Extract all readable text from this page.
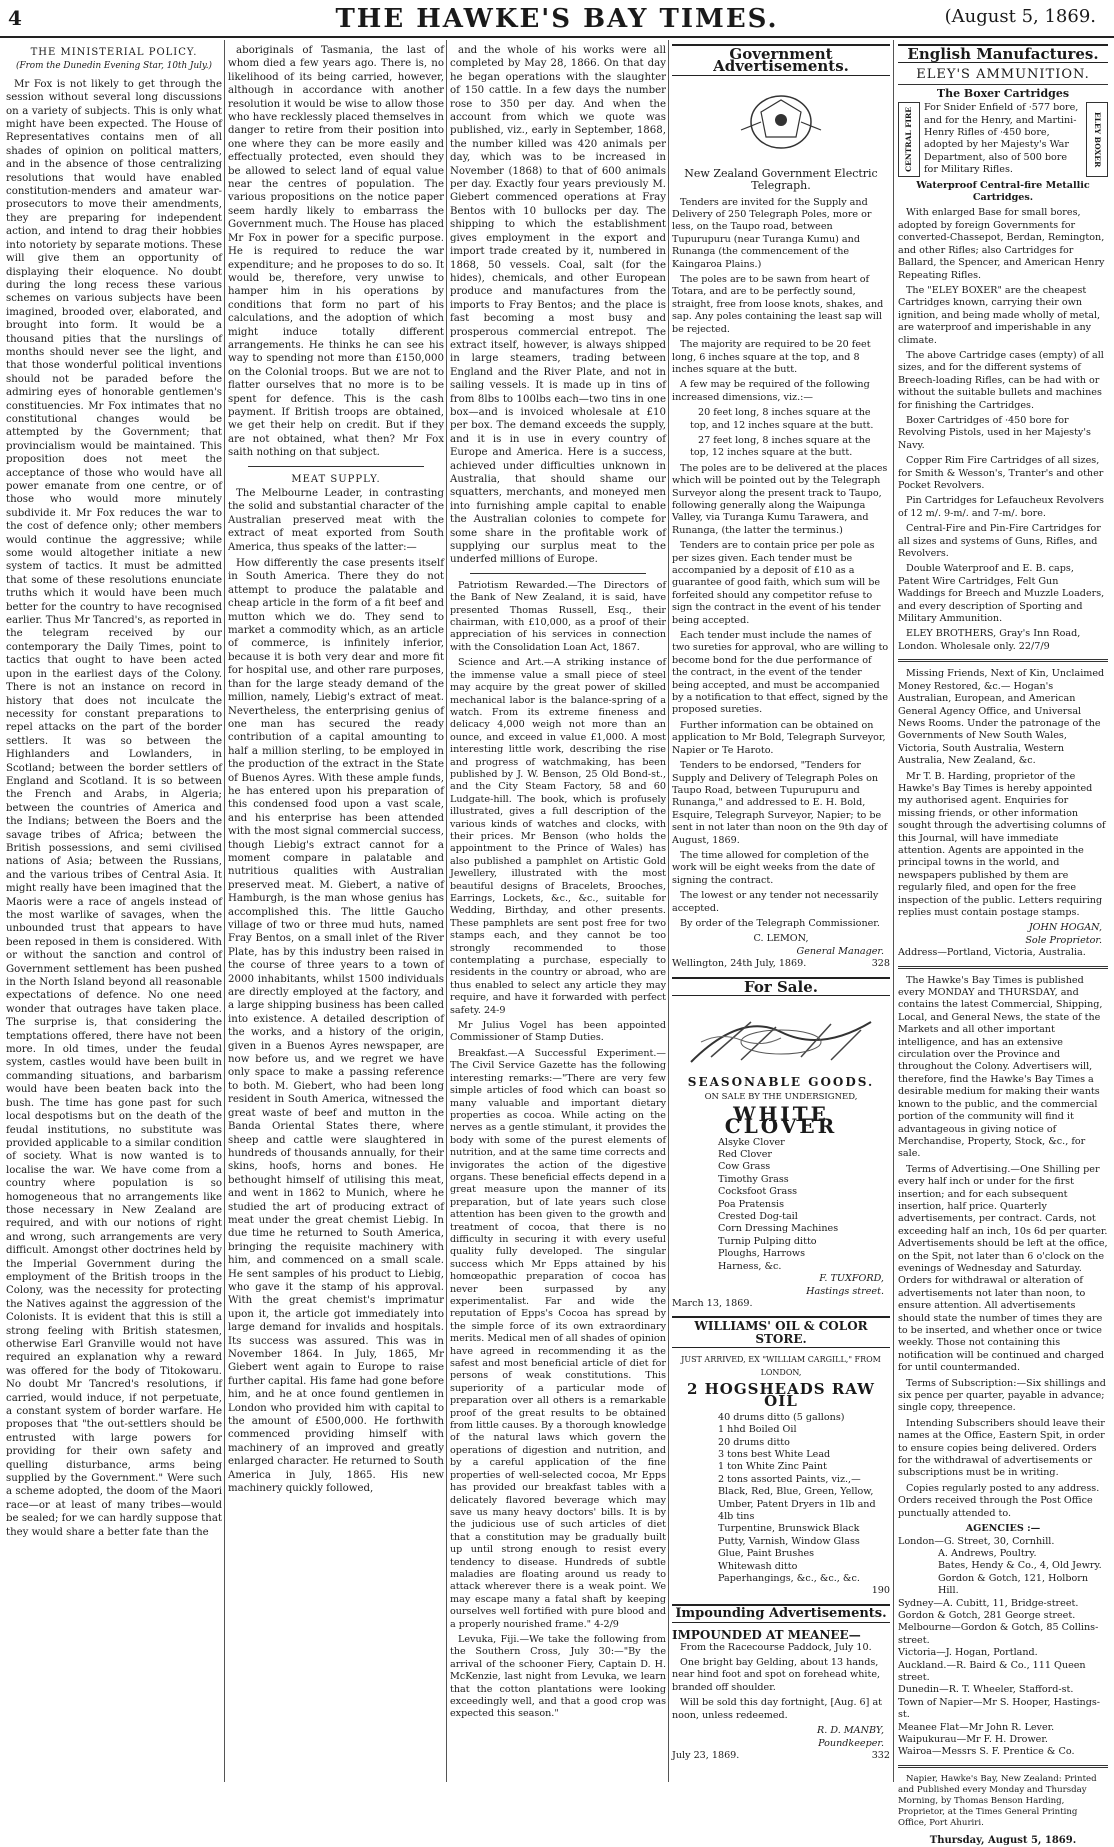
4	THE HAWKE'S BAY TIMES.	(August 5, 1869.
THE MINISTERIAL POLICY.
(From the Dunedin Evening Star, 10th July.)

Mr Fox is not likely to get through the session without several long discussions on a variety of subjects. This is only what might have been expected. The House of Representatives contains men of all shades of opinion on political matters, and in the absence of those centralizing resolutions that would have enabled constitution-menders and amateur war-prosecutors to move their amendments, they are preparing for independent action, and intend to drag their hobbies into notoriety by separate motions. These will give them an opportunity of displaying their eloquence. No doubt during the long recess these various schemes on various subjects have been imagined, brooded over, elaborated, and brought into form. It would be a thousand pities that the nurslings of months should never see the light, and that those wonderful political inventions should not be paraded before the admiring eyes of honorable gentlemen's constituencies. Mr Fox intimates that no constitutional changes would be attempted by the Government; that provincialism would be maintained. This proposition does not meet the acceptance of those who would have all power emanate from one centre, or of those who would more minutely subdivide it. Mr Fox reduces the war to the cost of defence only; other members would continue the aggressive; while some would altogether initiate a new system of tactics. It must be admitted that some of these resolutions enunciate truths which it would have been much better for the country to have recognised earlier. Thus Mr Tancred's, as reported in the telegram received by our contemporary the Daily Times, point to tactics that ought to have been acted upon in the earliest days of the Colony. There is not an instance on record in history that does not inculcate the necessity for constant preparations to repel attacks on the part of the border settlers. It was so between the Highlanders and Lowlanders, in Scotland; between the border settlers of England and Scotland. It is so between the French and Arabs, in Algeria; between the countries of America and the Indians; between the Boers and the savage tribes of Africa; between the British possessions, and semi civilised nations of Asia; between the Russians, and the various tribes of Central Asia. It might really have been imagined that the Maoris were a race of angels instead of the most warlike of savages, when the unbounded trust that appears to have been reposed in them is considered. With or without the sanction and control of Government settlement has been pushed in the North Island beyond all reasonable expectations of defence. No one need wonder that outrages have taken place. The surprise is, that considering the temptations offered, there have not been more. In old times, under the feudal system, castles would have been built in commanding situations, and barbarism would have been beaten back into the bush. The time has gone past for such local despotisms but on the death of the feudal institutions, no substitute was provided applicable to a similar condition of society. What is now wanted is to localise the war. We have come from a country where population is so homogeneous that no arrangements like those necessary in New Zealand are required, and with our notions of right and wrong, such arrangements are very difficult. Amongst other doctrines held by the Imperial Government during the employment of the British troops in the Colony, was the necessity for protecting the Natives against the aggression of the Colonists. It is evident that this is still a strong feeling with British statesmen, otherwise Earl Granville would not have required an explanation why a reward was offered for the body of Titokowaru. No doubt Mr Tancred's resolutions, if carried, would induce, if not perpetuate, a constant system of border warfare. He proposes that "the out-settlers should be entrusted with large powers for providing for their own safety and quelling disturbance, arms being supplied by the Government." Were such a scheme adopted, the doom of the Maori race—or at least of many tribes—would be sealed; for we can hardly suppose that they would share a better fate than the

aboriginals of Tasmania, the last of whom died a few years ago. There is, no likelihood of its being carried, however, although in accordance with another resolution it would be wise to allow those who have recklessly placed themselves in danger to retire from their position into one where they can be more easily and effectually protected, even should they be allowed to select land of equal value near the centres of population. The various propositions on the notice paper seem hardly likely to embarrass the Government much. The House has placed Mr Fox in power for a specific purpose. He is required to reduce the war expenditure; and he proposes to do so. It would be, therefore, very unwise to hamper him in his operations by conditions that form no part of his calculations, and the adoption of which might induce totally different arrangements. He thinks he can see his way to spending not more than £150,000 on the Colonial troops. But we are not to flatter ourselves that no more is to be spent for defence. This is the cash payment. If British troops are obtained, we get their help on credit. But if they are not obtained, what then? Mr Fox saith nothing on that subject.

MEAT SUPPLY.

The Melbourne Leader, in contrasting the solid and substantial character of the Australian preserved meat with the extract of meat exported from South America, thus speaks of the latter:—

How differently the case presents itself in South America. There they do not attempt to produce the palatable and cheap article in the form of a fit beef and mutton which we do. They send to market a commodity which, as an article of commerce, is infinitely inferior, because it is both very dear and more fit for hospital use, and other rare purposes, than for the large steady demand of the million, namely, Liebig's extract of meat. Nevertheless, the enterprising genius of one man has secured the ready contribution of a capital amounting to half a million sterling, to be employed in the production of the extract in the State of Buenos Ayres. With these ample funds, he has entered upon his preparation of this condensed food upon a vast scale, and his enterprise has been attended with the most signal commercial success, though Liebig's extract cannot for a moment compare in palatable and nutritious qualities with Australian preserved meat. M. Giebert, a native of Hamburgh, is the man whose genius has accomplished this. The little Gaucho village of two or three mud huts, named Fray Bentos, on a small inlet of the River Plate, has by this industry been raised in the course of three years to a town of 2000 inhabitants, whilst 1500 individuals are directly employed at the factory, and a large shipping business has been called into existence. A detailed description of the works, and a history of the origin, given in a Buenos Ayres newspaper, are now before us, and we regret we have only space to make a passing reference to both. M. Giebert, who had been long resident in South America, witnessed the great waste of beef and mutton in the Banda Oriental States there, where sheep and cattle were slaughtered in hundreds of thousands annually, for their skins, hoofs, horns and bones. He bethought himself of utilising this meat, and went in 1862 to Munich, where he studied the art of producing extract of meat under the great chemist Liebig. In due time he returned to South America, bringing the requisite machinery with him, and commenced on a small scale. He sent samples of his product to Liebig, who gave it the stamp of his approval. With the great chemist's imprimatur upon it, the article got immediately into large demand for invalids and hospitals. Its success was assured. This was in November 1864. In July, 1865, Mr Giebert went again to Europe to raise further capital. His fame had gone before him, and he at once found gentlemen in London who provided him with capital to the amount of £500,000. He forthwith commenced providing himself with machinery of an improved and greatly enlarged character. He returned to South America in July, 1865. His new machinery quickly followed,

and the whole of his works were all completed by May 28, 1866. On that day he began operations with the slaughter of 150 cattle. In a few days the number rose to 350 per day. And when the account from which we quote was published, viz., early in September, 1868, the number killed was 420 animals per day, which was to be increased in November (1868) to that of 600 animals per day. Exactly four years previously M. Giebert commenced operations at Fray Bentos with 10 bullocks per day. The shipping to which the establishment gives employment in the export and import trade created by it, numbered in 1868, 50 vessels. Coal, salt (for the hides), chemicals, and other European produce and manufactures from the imports to Fray Bentos; and the place is fast becoming a most busy and prosperous commercial entrepot. The extract itself, however, is always shipped in large steamers, trading between England and the River Plate, and not in sailing vessels. It is made up in tins of from 8lbs to 100lbs each—two tins in one box—and is invoiced wholesale at £10 per box. The demand exceeds the supply, and it is in use in every country of Europe and America. Here is a success, achieved under difficulties unknown in Australia, that should shame our squatters, merchants, and moneyed men into furnishing ample capital to enable the Australian colonies to compete for some share in the profitable work of supplying our surplus meat to the underfed millions of Europe.

Patriotism Rewarded.—The Directors of the Bank of New Zealand, it is said, have presented Thomas Russell, Esq., their chairman, with £10,000, as a proof of their appreciation of his services in connection with the Consolidation Loan Act, 1867.

Science and Art.—A striking instance of the immense value a small piece of steel may acquire by the great power of skilled mechanical labor is the balance-spring of a watch. From its extreme fineness and delicacy 4,000 weigh not more than an ounce, and exceed in value £1,000. A most interesting little work, describing the rise and progress of watchmaking, has been published by J. W. Benson, 25 Old Bond-st., and the City Steam Factory, 58 and 60 Ludgate-hill. The book, which is profusely illustrated, gives a full description of the various kinds of watches and clocks, with their prices. Mr Benson (who holds the appointment to the Prince of Wales) has also published a pamphlet on Artistic Gold Jewellery, illustrated with the most beautiful designs of Bracelets, Brooches, Earrings, Lockets, &c., &c., suitable for Wedding, Birthday, and other presents. These pamphlets are sent post free for two stamps each, and they cannot be too strongly recommended to those contemplating a purchase, especially to residents in the country or abroad, who are thus enabled to select any article they may require, and have it forwarded with perfect safety. 24-9

Mr Julius Vogel has been appointed Commissioner of Stamp Duties.

Breakfast.—A Successful Experiment.—The Civil Service Gazette has the following interesting remarks:—"There are very few simple articles of food which can boast so many valuable and important dietary properties as cocoa. While acting on the nerves as a gentle stimulant, it provides the body with some of the purest elements of nutrition, and at the same time corrects and invigorates the action of the digestive organs. These beneficial effects depend in a great measure upon the manner of its preparation, but of late years such close attention has been given to the growth and treatment of cocoa, that there is no difficulty in securing it with every useful quality fully developed. The singular success which Mr Epps attained by his homœopathic preparation of cocoa has never been surpassed by any experimentalist. Far and wide the reputation of Epps's Cocoa has spread by the simple force of its own extraordinary merits. Medical men of all shades of opinion have agreed in recommending it as the safest and most beneficial article of diet for persons of weak constitutions. This superiority of a particular mode of preparation over all others is a remarkable proof of the great results to be obtained from little causes. By a thorough knowledge of the natural laws which govern the operations of digestion and nutrition, and by a careful application of the fine properties of well-selected cocoa, Mr Epps has provided our breakfast tables with a delicately flavored beverage which may save us many heavy doctors' bills. It is by the judicious use of such articles of diet that a constitution may be gradually built up until strong enough to resist every tendency to disease. Hundreds of subtle maladies are floating around us ready to attack wherever there is a weak point. We may escape many a fatal shaft by keeping ourselves well fortified with pure blood and a properly nourished frame." 4-2/9

Levuka, Fiji.—We take the following from the Southern Cross, July 30:—"By the arrival of the schooner Fiery, Captain D. H. McKenzie, last night from Levuka, we learn that the cotton plantations were looking exceedingly well, and that a good crop was expected this season."

Government Advertisements.
New Zealand Government Electric Telegraph.

Tenders are invited for the Supply and Delivery of 250 Telegraph Poles, more or less, on the Taupo road, between Tupurupuru (near Turanga Kumu) and Runanga (the commencement of the Kaingaroa Plains.)

The poles are to be sawn from heart of Totara, and are to be perfectly sound, straight, free from loose knots, shakes, and sap. Any poles containing the least sap will be rejected.

The majority are required to be 20 feet long, 6 inches square at the top, and 8 inches square at the butt.

A few may be required of the following increased dimensions, viz.:—

20 feet long, 8 inches square at the top, and 12 inches square at the butt.

27 feet long, 8 inches square at the top, 12 inches square at the butt.

The poles are to be delivered at the places which will be pointed out by the Telegraph Surveyor along the present track to Taupo, following generally along the Waipunga Valley, via Turanga Kumu Tarawera, and Runanga, (the latter the terminus.)

Tenders are to contain price per pole as per sizes given. Each tender must be accompanied by a deposit of £10 as a guarantee of good faith, which sum will be forfeited should any competitor refuse to sign the contract in the event of his tender being accepted.

Each tender must include the names of two sureties for approval, who are willing to become bond for the due performance of the contract, in the event of the tender being accepted, and must be accompanied by a notification to that effect, signed by the proposed sureties.

Further information can be obtained on application to Mr Bold, Telegraph Surveyor, Napier or Te Haroto.

Tenders to be endorsed, "Tenders for Supply and Delivery of Telegraph Poles on Taupo Road, between Tupurupuru and Runanga," and addressed to E. H. Bold, Esquire, Telegraph Surveyor, Napier; to be sent in not later than noon on the 9th day of August, 1869.

The time allowed for completion of the work will be eight weeks from the date of signing the contract.

The lowest or any tender not necessarily accepted.

By order of the Telegraph Commissioner.

C. LEMON,
General Manager.
Wellington, 24th July, 1869.	328
For Sale.
SEASONABLE GOODS.
ON SALE BY THE UNDERSIGNED,
WHITE CLOVER
Alsyke Clover
Red Clover
Cow Grass
Timothy Grass
Cocksfoot Grass
Poa Pratensis
Crested Dog-tail
Corn Dressing Machines
Turnip Pulping ditto
Ploughs, Harrows
Harness, &c.
F. TUXFORD,
Hastings street.
March 13, 1869.
WILLIAMS' OIL & COLOR STORE.
JUST ARRIVED, EX "WILLIAM CARGILL," FROM LONDON,
2 HOGSHEADS RAW OIL
40 drums ditto (5 gallons)
1 hhd Boiled Oil
20 drums ditto
3 tons best White Lead
1 ton White Zinc Paint
2 tons assorted Paints, viz.,—
Black, Red, Blue, Green, Yellow, Umber, Patent Dryers in 1lb and 4lb tins
Turpentine, Brunswick Black
Putty, Varnish, Window Glass
Glue, Paint Brushes
Whitewash ditto
Paperhangings, &c., &c., &c.
190
Impounding Advertisements.
IMPOUNDED AT MEANEE—

From the Racecourse Paddock, July 10.

One bright bay Gelding, about 13 hands, near hind foot and spot on forehead white, branded off shoulder.

Will be sold this day fortnight, [Aug. 6] at noon, unless redeemed.

R. D. MANBY,
Poundkeeper.
July 23, 1869.	332
English Manufactures.
ELEY'S AMMUNITION.
The Boxer Cartridges
CENTRAL FIRE For Snider Enfield of ·577 bore, and for the Henry, and Martini-Henry Rifles of ·450 bore, adopted by her Majesty's War Department, also of 500 bore for Military Rifles.
ELEY BOXER
Waterproof Central-fire Metallic Cartridges.

With enlarged Base for small bores, adopted by foreign Governments for converted-Chassepot, Berdan, Remington, and other Rifles; also Cartridges for Ballard, the Spencer, and American Henry Repeating Rifles.

The "ELEY BOXER" are the cheapest Cartridges known, carrying their own ignition, and being made wholly of metal, are waterproof and imperishable in any climate.

The above Cartridge cases (empty) of all sizes, and for the different systems of Breech-loading Rifles, can be had with or without the suitable bullets and machines for finishing the Cartridges.

Boxer Cartridges of ·450 bore for Revolving Pistols, used in her Majesty's Navy.

Copper Rim Fire Cartridges of all sizes, for Smith & Wesson's, Tranter's and other Pocket Revolvers.

Pin Cartridges for Lefaucheux Revolvers of 12 m/. 9-m/. and 7-m/. bore.

Central-Fire and Pin-Fire Cartridges for all sizes and systems of Guns, Rifles, and Revolvers.

Double Waterproof and E. B. caps, Patent Wire Cartridges, Felt Gun Waddings for Breech and Muzzle Loaders, and every description of Sporting and Military Ammunition.

ELEY BROTHERS, Gray's Inn Road, London. Wholesale only. 22/7/9

Missing Friends, Next of Kin, Unclaimed Money Restored, &c.— Hogan's Australian, European, and American General Agency Office, and Universal News Rooms. Under the patronage of the Governments of New South Wales, Victoria, South Australia, Western Australia, New Zealand, &c.

Mr T. B. Harding, proprietor of the Hawke's Bay Times is hereby appointed my authorised agent. Enquiries for missing friends, or other information sought through the advertising columns of this Journal, will have immediate attention. Agents are appointed in the principal towns in the world, and newspapers published by them are regularly filed, and open for the free inspection of the public. Letters requiring replies must contain postage stamps.

JOHN HOGAN,
Sole Proprietor.
Address—Portland, Victoria, Australia.

The Hawke's Bay Times is published every MONDAY and THURSDAY, and contains the latest Commercial, Shipping, Local, and General News, the state of the Markets and all other important intelligence, and has an extensive circulation over the Province and throughout the Colony. Advertisers will, therefore, find the Hawke's Bay Times a desirable medium for making their wants known to the public, and the commercial portion of the community will find it advantageous in giving notice of Merchandise, Property, Stock, &c., for sale.

Terms of Advertising.—One Shilling per every half inch or under for the first insertion; and for each subsequent insertion, half price. Quarterly advertisements, per contract. Cards, not exceeding half an inch, 10s 6d per quarter. Advertisements should be left at the office, on the Spit, not later than 6 o'clock on the evenings of Wednesday and Saturday. Orders for withdrawal or alteration of advertisements not later than noon, to ensure attention. All advertisements should state the number of times they are to be inserted, and whether once or twice weekly. Those not containing this notification will be continued and charged for until countermanded.

Terms of Subscription:—Six shillings and six pence per quarter, payable in advance; single copy, threepence.

Intending Subscribers should leave their names at the Office, Eastern Spit, in order to ensure copies being delivered. Orders for the withdrawal of advertisements or subscriptions must be in writing.

Copies regularly posted to any address. Orders received through the Post Office punctually attended to.

AGENCIES :—
London—G. Street, 30, Cornhill.
A. Andrews, Poultry.
Bates, Hendy & Co., 4, Old Jewry.
Gordon & Gotch, 121, Holborn Hill.
Sydney—A. Cubitt, 11, Bridge-street. Gordon & Gotch, 281 George street.
Melbourne—Gordon & Gotch, 85 Collins-street.
Victoria—J. Hogan, Portland.
Auckland.—R. Baird & Co., 111 Queen street.
Dunedin—R. T. Wheeler, Stafford-st.
Town of Napier—Mr S. Hooper, Hastings-st.
Meanee Flat—Mr John R. Lever.
Waipukurau—Mr F. H. Drower.
Wairoa—Messrs S. F. Prentice & Co.

Napier, Hawke's Bay, New Zealand: Printed and Published every Monday and Thursday Morning, by Thomas Benson Harding, Proprietor, at the Times General Printing Office, Port Ahuriri.

Thursday, August 5, 1869.
